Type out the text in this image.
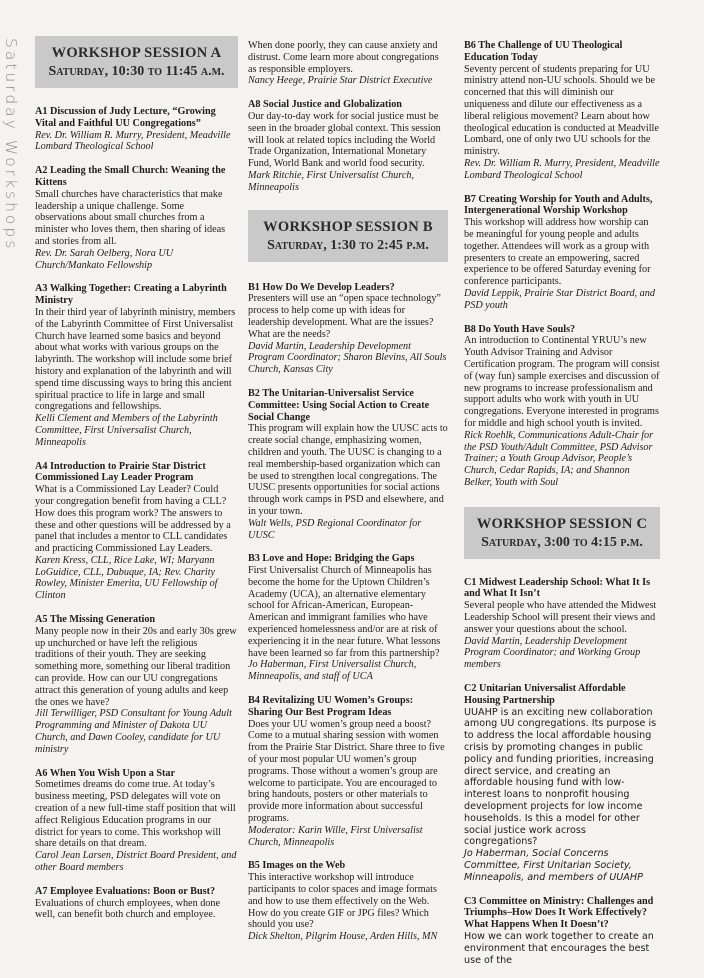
Saturday Workshops	WORKSHOP SESSION A
Saturday, 10:30 to 11:45 a.m.
A1 Discussion of Judy Lecture, “Growing Vital and Faithful UU Congregations”

Rev. Dr. William R. Murry, President, Meadville Lombard Theological School

A2 Leading the Small Church: Weaning the Kittens

Small churches have characteristics that make leadership a unique challenge. Some observations about small churches from a minister who loves them, then sharing of ideas and stories from all.

Rev. Dr. Sarah Oelberg, Nora UU Church/Mankato Fellowship

A3 Walking Together: Creating a Labyrinth Ministry

In their third year of labyrinth ministry, members of the Labyrinth Committee of First Universalist Church have learned some basics and beyond about what works with various groups on the labyrinth. The workshop will include some brief history and explanation of the labyrinth and will spend time discussing ways to bring this ancient spiritual practice to life in large and small congregations and fellowships.

Kelli Clement and Members of the Labyrinth Committee, First Universalist Church, Minneapolis

A4 Introduction to Prairie Star District Commissioned Lay Leader Program

What is a Commissioned Lay Leader? Could your congregation benefit from having a CLL? How does this program work? The answers to these and other questions will be addressed by a panel that includes a mentor to CLL candidates and practicing Commissioned Lay Leaders.

Karen Kress, CLL, Rice Lake, WI; Maryann LoGuidice, CLL, Dubuque, IA; Rev. Charity Rowley, Minister Emerita, UU Fellowship of Clinton

A5 The Missing Generation

Many people now in their 20s and early 30s grew up unchurched or have left the religious traditions of their youth. They are seeking something more, something our liberal tradition can provide. How can our UU congregations attract this generation of young adults and keep the ones we have?

Jill Terwilliger, PSD Consultant for Young Adult Programming and Minister of Dakota UU Church, and Dawn Cooley, candidate for UU ministry

A6 When You Wish Upon a Star

Sometimes dreams do come true. At today’s business meeting, PSD delegates will vote on creation of a new full-time staff position that will affect Religious Education programs in our district for years to come. This workshop will share details on that dream.

Carol Jean Larsen, District Board President, and other Board members

A7 Employee Evaluations: Boon or Bust?

Evaluations of church employees, when done well, can benefit both church and employee.

When done poorly, they can cause anxiety and distrust. Come learn more about congregations as responsible employers.

Nancy Heege, Prairie Star District Executive

A8 Social Justice and Globalization

Our day-to-day work for social justice must be seen in the broader global context. This session will look at related topics including the World Trade Organization, International Monetary Fund, World Bank and world food security.

Mark Ritchie, First Universalist Church, Minneapolis

WORKSHOP SESSION B
Saturday, 1:30 to 2:45 p.m.
B1 How Do We Develop Leaders?

Presenters will use an “open space technology” process to help come up with ideas for leadership development. What are the issues? What are the needs?

David Martin, Leadership Development Program Coordinator; Sharon Blevins, All Souls Church, Kansas City

B2 The Unitarian-Universalist Service Committee: Using Social Action to Create Social Change

This program will explain how the UUSC acts to create social change, emphasizing women, children and youth. The UUSC is changing to a real membership-based organization which can be used to strengthen local congregations. The UUSC presents opportunities for social actions through work camps in PSD and elsewhere, and in your town.

Walt Wells, PSD Regional Coordinator for UUSC

B3 Love and Hope: Bridging the Gaps

First Universalist Church of Minneapolis has become the home for the Uptown Children’s Academy (UCA), an alternative elementary school for African-American, European-American and immigrant families who have experienced homelessness and/or are at risk of experiencing it in the near future. What lessons have been learned so far from this partnership?

Jo Haberman, First Universalist Church, Minneapolis, and staff of UCA

B4 Revitalizing UU Women’s Groups: Sharing Our Best Program Ideas

Does your UU women’s group need a boost? Come to a mutual sharing session with women from the Prairie Star District. Share three to five of your most popular UU women’s group programs. Those without a women’s group are welcome to participate. You are encouraged to bring handouts, posters or other materials to provide more information about successful programs.

Moderator: Karin Wille, First Universalist Church, Minneapolis

B5 Images on the Web

This interactive workshop will introduce participants to color spaces and image formats and how to use them effectively on the Web. How do you create GIF or JPG files? Which should you use?

Dick Shelton, Pilgrim House, Arden Hills, MN

B6 The Challenge of UU Theological Education Today

Seventy percent of students preparing for UU ministry attend non-UU schools. Should we be concerned that this will diminish our uniqueness and dilute our effectiveness as a liberal religious movement? Learn about how theological education is conducted at Meadville Lombard, one of only two UU schools for the ministry.

Rev. Dr. William R. Murry, President, Meadville Lombard Theological School

B7 Creating Worship for Youth and Adults, Intergenerational Worship Workshop

This workshop will address how worship can be meaningful for young people and adults together. Attendees will work as a group with presenters to create an empowering, sacred experience to be offered Saturday evening for conference participants.

David Leppik, Prairie Star District Board, and PSD youth

B8 Do Youth Have Souls?

An introduction to Continental YRUU’s new Youth Advisor Training and Advisor Certification program. The program will consist of (way fun) sample exercises and discussion of new programs to increase professionalism and support adults who work with youth in UU congregations. Everyone interested in programs for middle and high school youth is invited.

Rick Roehlk, Communications Adult-Chair for the PSD Youth/Adult Committee, PSD Advisor Trainer; a Youth Group Advisor, People’s Church, Cedar Rapids, IA; and Shannon Belker, Youth with Soul

WORKSHOP SESSION C
Saturday, 3:00 to 4:15 p.m.
C1 Midwest Leadership School: What It Is and What It Isn’t

Several people who have attended the Midwest Leadership School will present their views and answer your questions about the school.

David Martin, Leadership Development Program Coordinator; and Working Group members

C2 Unitarian Universalist Affordable Housing Partnership

UUAHP is an exciting new collaboration among UU congregations. Its purpose is to address the local affordable housing crisis by promoting changes in public policy and funding priorities, increasing direct service, and creating an affordable housing fund with low-interest loans to nonprofit housing development projects for low income households. Is this a model for other social justice work across congregations?

Jo Haberman, Social Concerns Committee, First Unitarian Society, Minneapolis, and members of UUAHP

C3 Committee on Ministry: Challenges and Triumphs–How Does It Work Effectively? What Happens When It Doesn’t?

How we can work together to create an environment that encourages the best use of the
